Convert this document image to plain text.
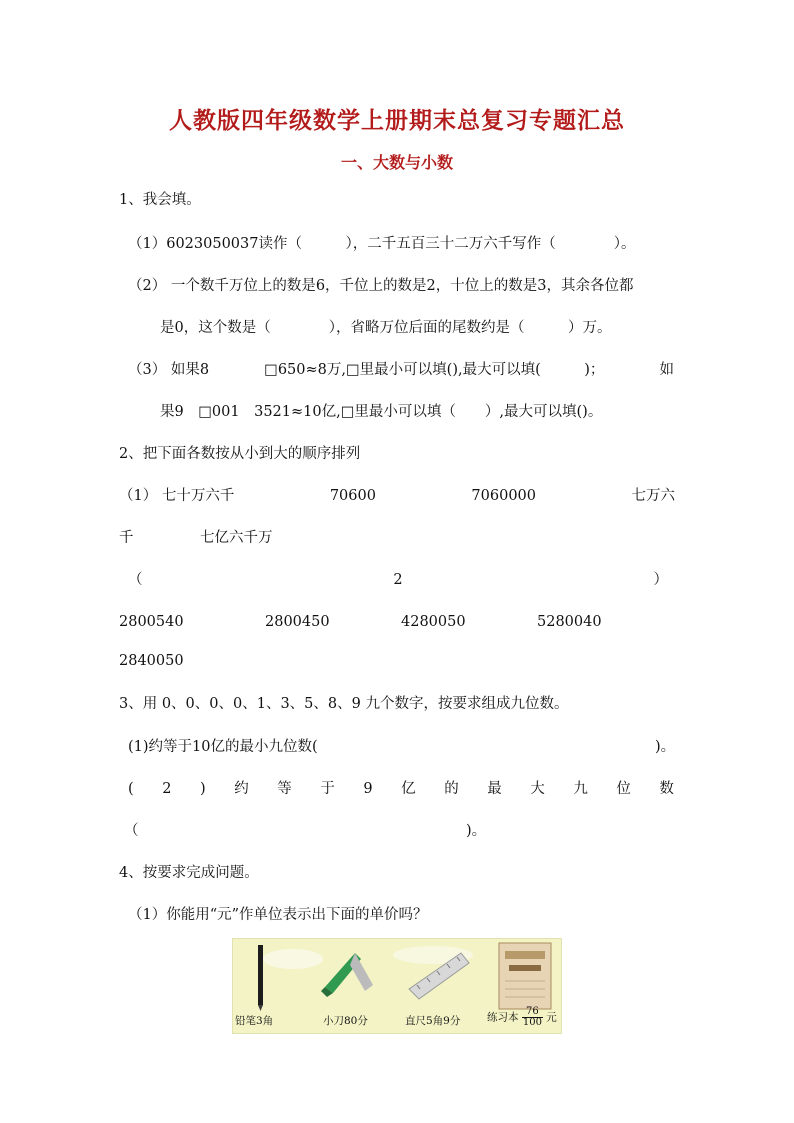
人教版四年级数学上册期末总复习专题汇总
一、大数与小数
1、我会填。
（1）6023050037读作（　　　），二千五百三十二万六千写作（　　　　）。
（2） 一个数千万位上的数是6，千位上的数是2，十位上的数是3，其余各位都
是0，这个数是（　　　　），省略万位后面的尾数约是（　　　）万。
（3） 如果8	□650≈8万,□里最小可以填(),最大可以填(　　　)；	如
果9　□001　3521≈10亿,□里最小可以填（　　）,最大可以填()。
2、把下面各数按从小到大的顺序排列
（1） 七十万六千	70600	7060000	七万六
千	七亿六千万
（	2	）
2800540	2800450	4280050	5280040
2840050
3、用 0、0、0、0、1、3、5、8、9 九个数字，按要求组成九位数。
(1)约等于10亿的最小九位数(	)。
( 2 ) 约 等 于 9 亿 的 最 大 九 位 数
（	)。
4、按要求完成问题。
（1）你能用“元”作单位表示出下面的单价吗？
铅笔3角	小刀80分	直尺5角9分	练习本 $\frac{76}{100}$ 元
